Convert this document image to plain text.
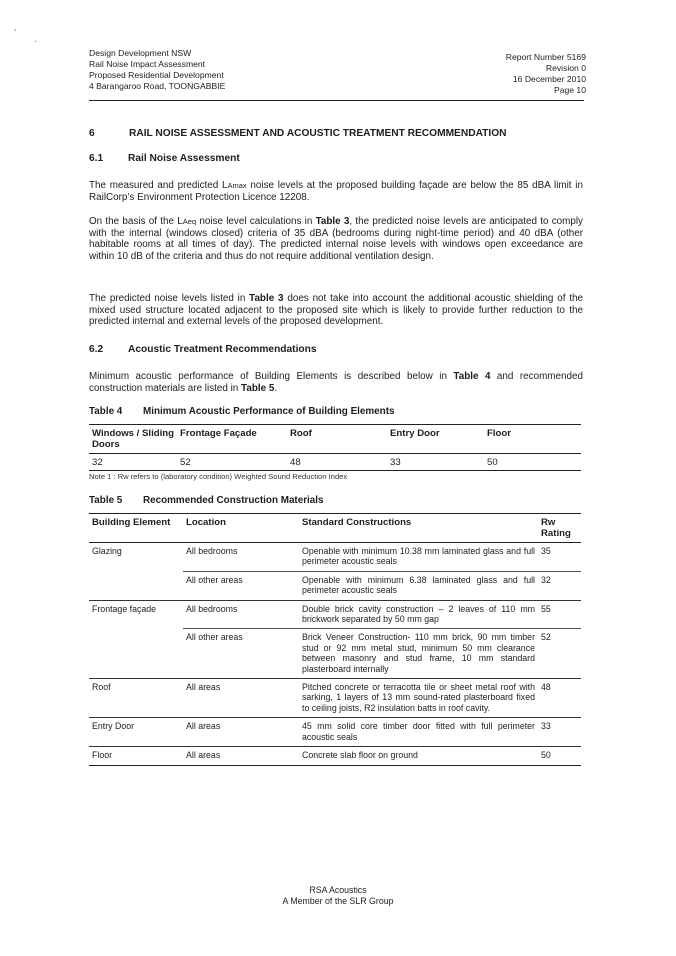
'
·
Design Development NSW
Rail Noise Impact Assessment
Proposed Residential Development
4 Barangaroo Road, TOONGABBIE
Report Number 5169
Revision 0
16 December 2010
Page 10
6	RAIL NOISE ASSESSMENT AND ACOUSTIC TREATMENT RECOMMENDATION
6.1 Rail Noise Assessment
The measured and predicted LAmax noise levels at the proposed building façade are below the 85 dBA limit in RailCorp’s Environment Protection Licence 12208.
On the basis of the LAeq noise level calculations in Table 3, the predicted noise levels are anticipated to comply with the internal (windows closed) criteria of 35 dBA (bedrooms during night-time period) and 40 dBA (other habitable rooms at all times of day). The predicted internal noise levels with windows open exceedance are within 10 dB of the criteria and thus do not require additional ventilation design.
The predicted noise levels listed in Table 3 does not take into account the additional acoustic shielding of the mixed used structure located adjacent to the proposed site which is likely to provide further reduction to the predicted internal and external levels of the proposed development.
6.2 Acoustic Treatment Recommendations
Minimum acoustic performance of Building Elements is described below in Table 4 and recommended construction materials are listed in Table 5.
Table 4 Minimum Acoustic Performance of Building Elements
Windows / Sliding Doors	Frontage Façade	Roof	Entry Door	Floor
32	52	48	33	50
Note 1 : Rw refers to (laboratory condition) Weighted Sound Reduction Index
Table 5 Recommended Construction Materials
Building Element	Location	Standard Constructions	Rw Rating
Glazing	All bedrooms	Openable with minimum 10.38 mm laminated glass and full perimeter acoustic seals	35
	All other areas	Openable with minimum 6.38 laminated glass and full perimeter acoustic seals	32
Frontage façade	All bedrooms	Double brick cavity construction – 2 leaves of 110 mm brickwork separated by 50 mm gap	55
	All other areas	Brick Veneer Construction- 110 mm brick, 90 mm timber stud or 92 mm metal stud, minimum 50 mm clearance between masonry and stud frame, 10 mm standard plasterboard internally	52
Roof	All areas	Pitched concrete or terracotta tile or sheet metal roof with sarking, 1 layers of 13 mm sound-rated plasterboard fixed to ceiling joists, R2 insulation batts in roof cavity.	48
Entry Door	All areas	45 mm solid core timber door fitted with full perimeter acoustic seals	33
Floor	All areas	Concrete slab floor on ground	50
RSA Acoustics
A Member of the SLR Group
